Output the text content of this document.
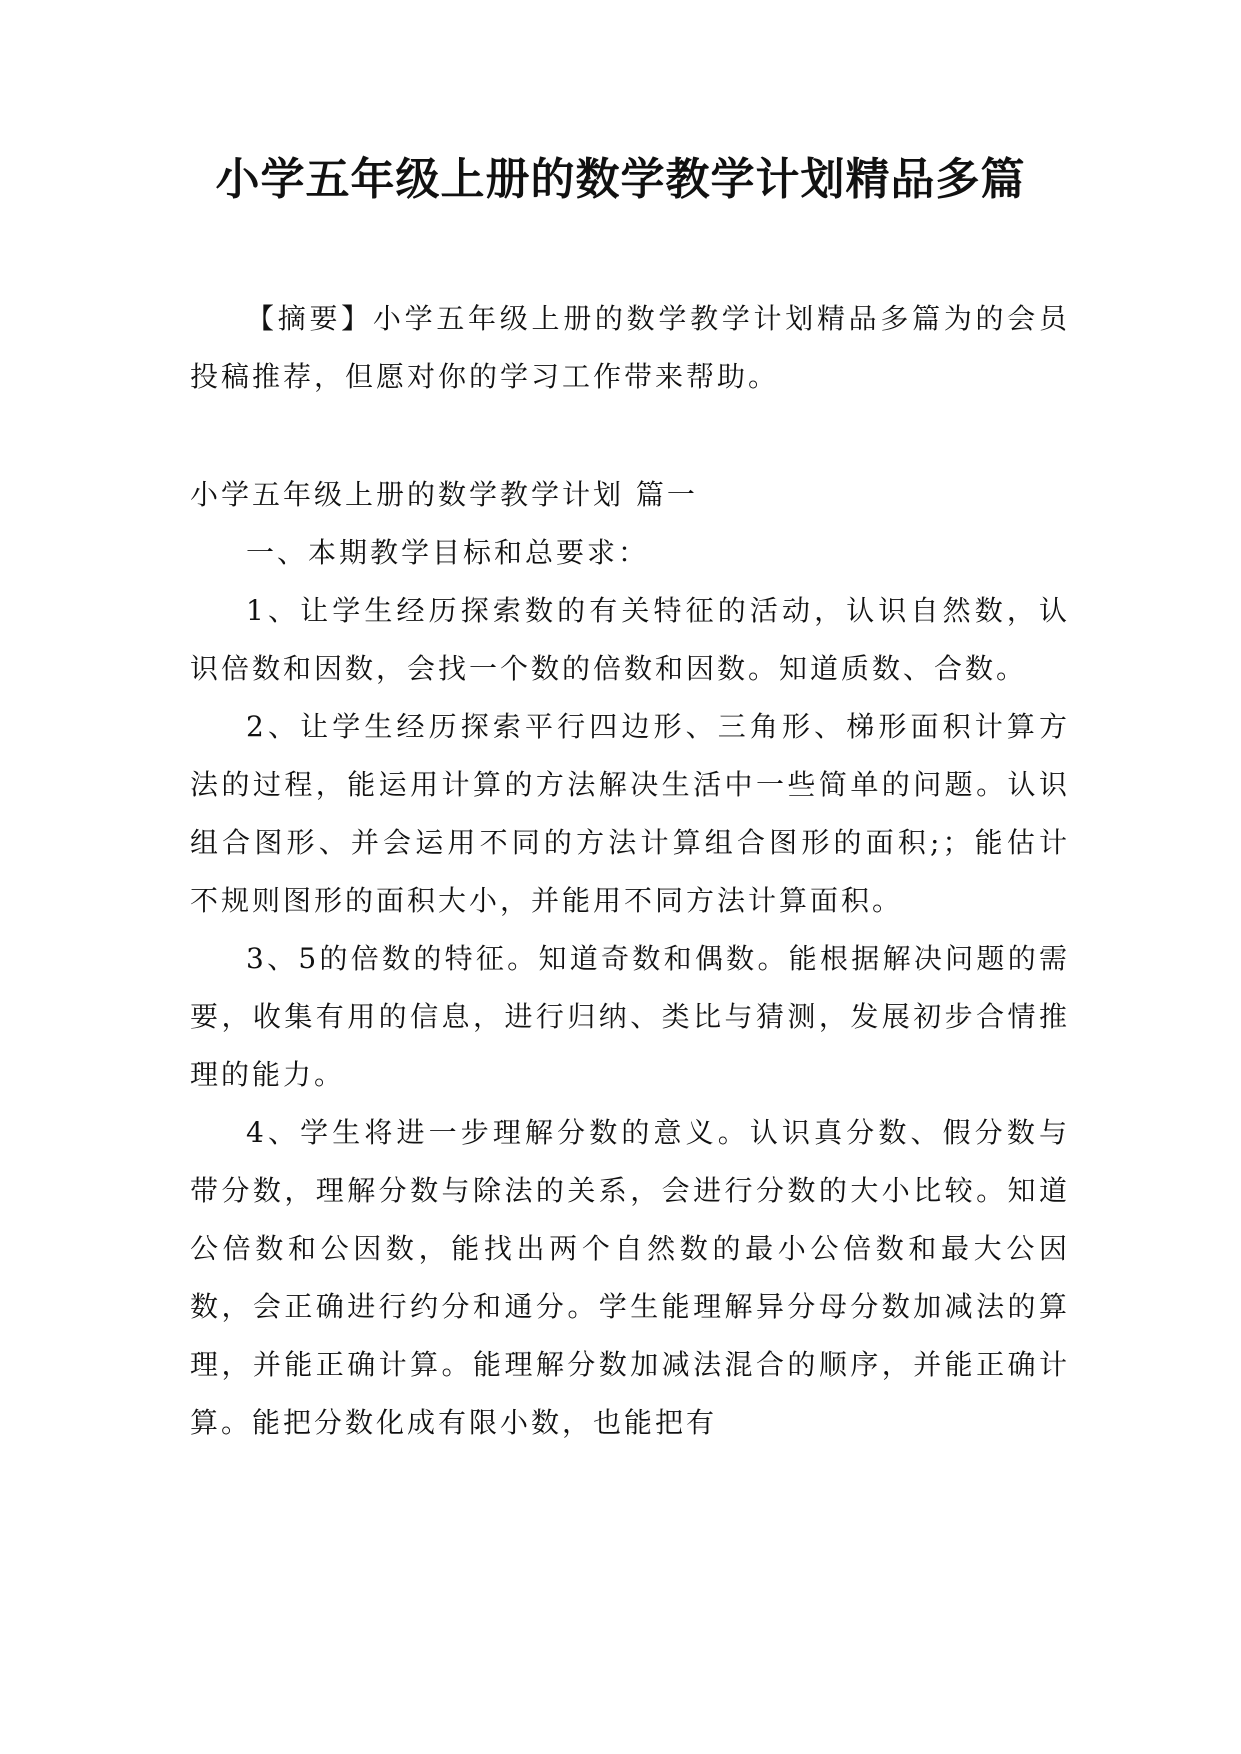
小学五年级上册的数学教学计划精品多篇

【摘要】小学五年级上册的数学教学计划精品多篇为的会员投稿推荐，但愿对你的学习工作带来帮助。

小学五年级上册的数学教学计划 篇一

一、本期教学目标和总要求：

1、让学生经历探索数的有关特征的活动，认识自然数，认识倍数和因数，会找一个数的倍数和因数。知道质数、合数。

2、让学生经历探索平行四边形、三角形、梯形面积计算方法的过程，能运用计算的方法解决生活中一些简单的问题。认识组合图形、并会运用不同的方法计算组合图形的面积;；能估计不规则图形的面积大小，并能用不同方法计算面积。

3、5的倍数的特征。知道奇数和偶数。能根据解决问题的需要，收集有用的信息，进行归纳、类比与猜测，发展初步合情推理的能力。

4、学生将进一步理解分数的意义。认识真分数、假分数与带分数，理解分数与除法的关系，会进行分数的大小比较。知道公倍数和公因数，能找出两个自然数的最小公倍数和最大公因数，会正确进行约分和通分。学生能理解异分母分数加减法的算理，并能正确计算。能理解分数加减法混合的顺序，并能正确计算。能把分数化成有限小数，也能把有
